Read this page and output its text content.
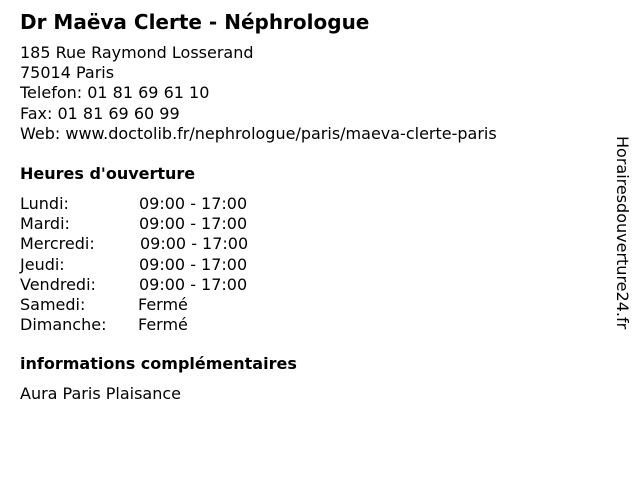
Dr Maëva Clerte - Néphrologue
185 Rue Raymond Losserand
75014 Paris
Telefon: 01 81 69 61 10
Fax: 01 81 69 60 99
Web: www.doctolib.fr/nephrologue/paris/maeva-clerte-paris
Heures d'ouverture
Lundi:	09:00 - 17:00
Mardi:	09:00 - 17:00
Mercredi:	09:00 - 17:00
Jeudi:	09:00 - 17:00
Vendredi:	09:00 - 17:00
Samedi:	Fermé
Dimanche: Fermé
informations complémentaires
Aura Paris Plaisance
Horairesdouverture24.fr
